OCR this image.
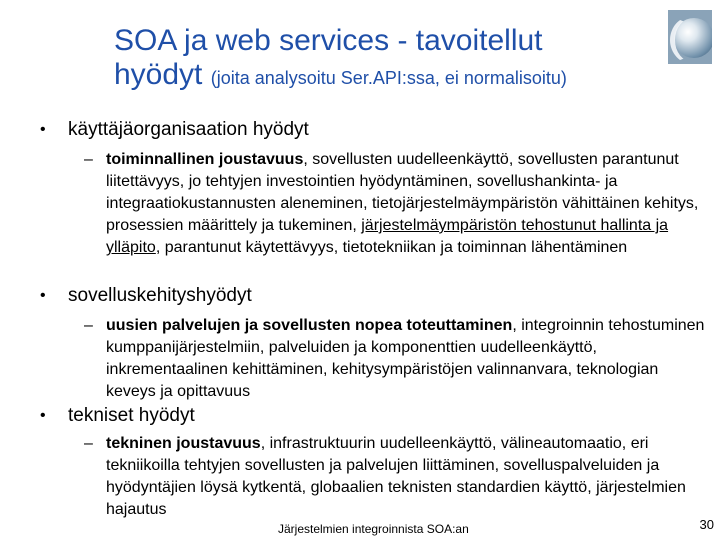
SOA ja web services - tavoitellut
hyödyt (joita analysoitu Ser.API:ssa, ei normalisoitu)
• käyttäjäorganisaation hyödyt
– toiminnallinen joustavuus, sovellusten uudelleenkäyttö, sovellusten parantunut liitettävyys, jo tehtyjen investointien hyödyntäminen, sovellushankinta- ja integraatiokustannusten aleneminen, tietojärjestelmäympäristön vähittäinen kehitys, prosessien määrittely ja tukeminen, järjestelmäympäristön tehostunut hallinta ja ylläpito, parantunut käytettävyys, tietotekniikan ja toiminnan lähentäminen
• sovelluskehityshyödyt
– uusien palvelujen ja sovellusten nopea toteuttaminen, integroinnin tehostuminen kumppanijärjestelmiin, palveluiden ja komponenttien uudelleenkäyttö, inkrementaalinen kehittäminen, kehitysympäristöjen valinnanvara, teknologian keveys ja opittavuus
• tekniset hyödyt
– tekninen joustavuus, infrastruktuurin uudelleenkäyttö, välineautomaatio, eri tekniikoilla tehtyjen sovellusten ja palvelujen liittäminen, sovelluspalveluiden ja hyödyntäjien löysä kytkentä, globaalien teknisten standardien käyttö, järjestelmien hajautus
Järjestelmien integroinnista SOA:an	30
